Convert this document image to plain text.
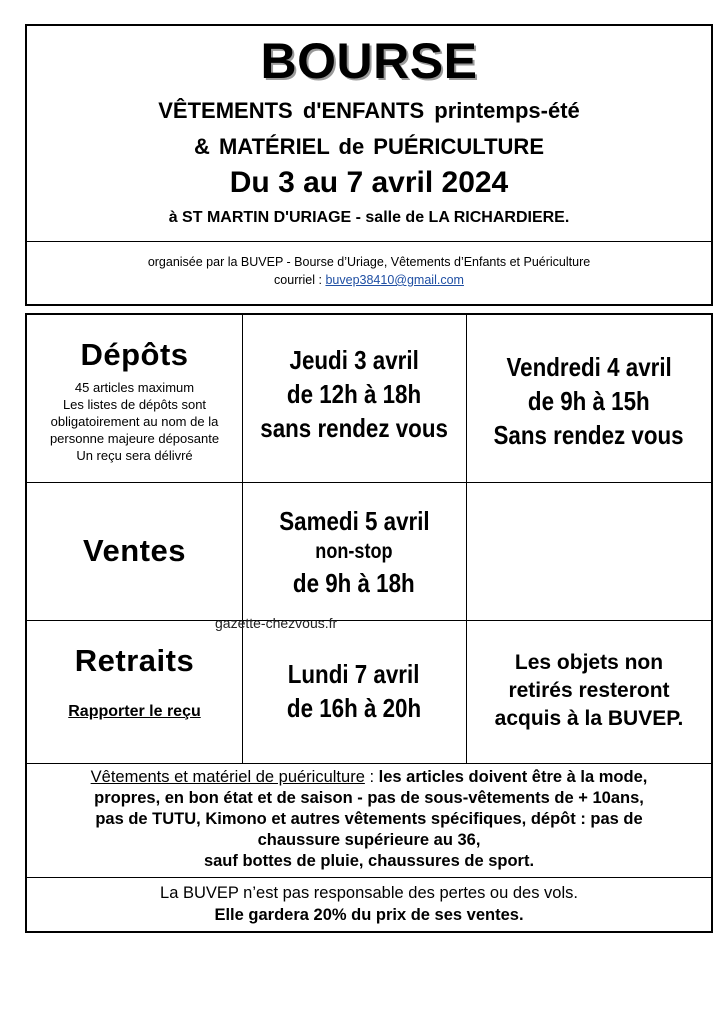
BOURSE
VÊTEMENTS d'ENFANTS printemps-été
& MATÉRIEL de PUÉRICULTURE
Du 3 au 7 avril 2024
à ST MARTIN D'URIAGE - salle de LA RICHARDIERE.
organisée par la BUVEP - Bourse d’Uriage, Vêtements d’Enfants et Puériculture
courriel : buvep38410@gmail.com
Dépôts
45 articles maximum
Les listes de dépôts sont
obligatoirement au nom de la
personne majeure déposante
Un reçu sera délivré
Jeudi 3 avril
de 12h à 18h
sans rendez vous
Vendredi 4 avril
de 9h à 15h
Sans rendez vous
Ventes
Samedi 5 avril
non-stop
de 9h à 18h
Retraits
Rapporter le reçu
Lundi 7 avril
de 16h à 20h
Les objets non
retirés resteront
acquis à la BUVEP.
Vêtements et matériel de puériculture : les articles doivent être à la mode,
propres, en bon état et de saison - pas de sous-vêtements de + 10ans,
pas de TUTU, Kimono et autres vêtements spécifiques, dépôt : pas de
chaussure supérieure au 36,
sauf bottes de pluie, chaussures de sport.
La BUVEP n’est pas responsable des pertes ou des vols.
Elle gardera 20% du prix de ses ventes.
gazette-chezvous.fr
